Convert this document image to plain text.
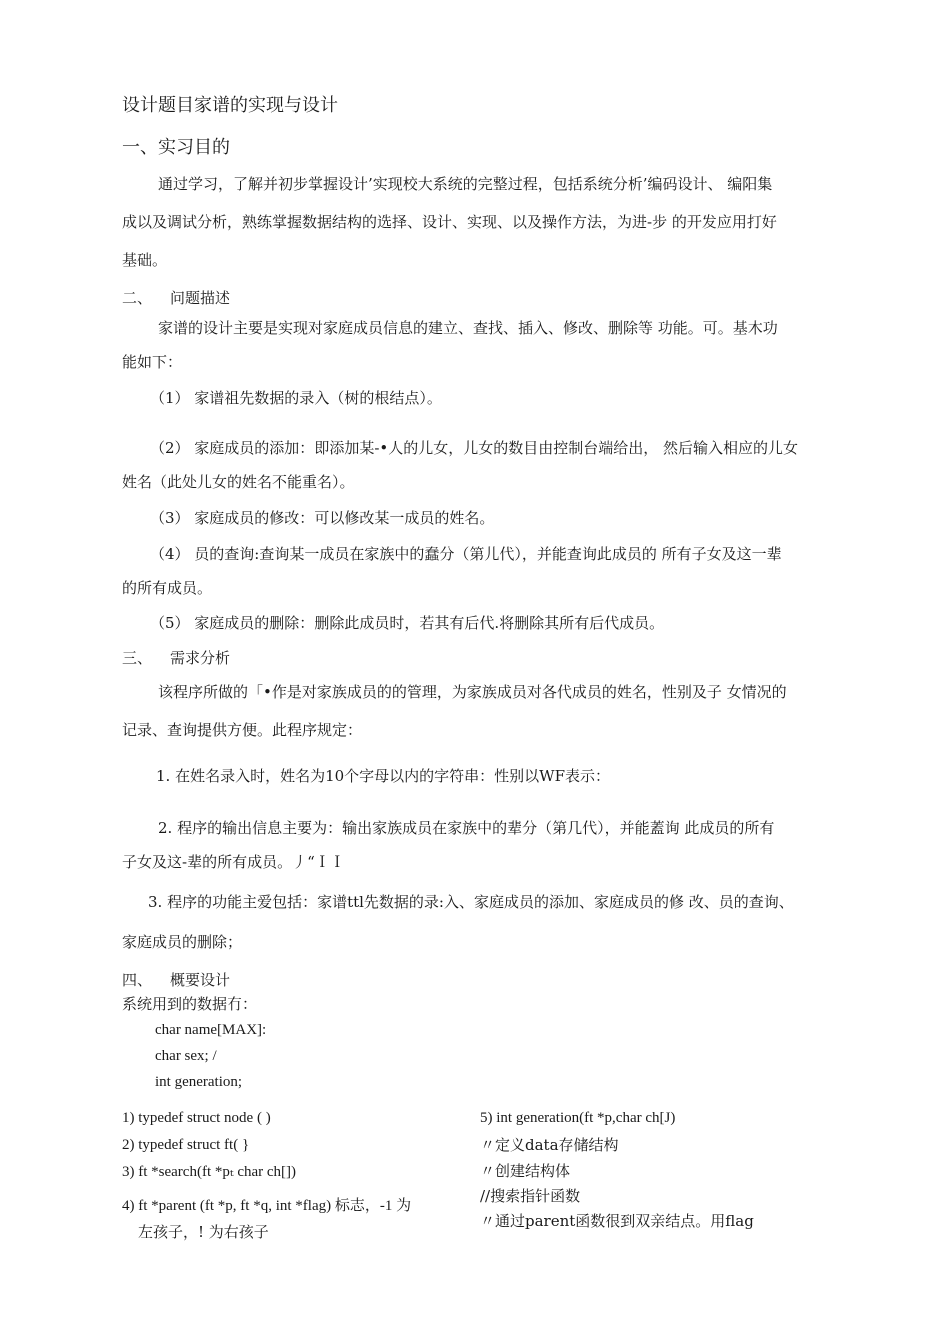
设计题目家谱的实现与设计
一、实习目的
通过学习，了解并初步掌握设计’实现校大系统的完整过程，包括系统分析’编码设计、 编阳集
成以及调试分析，熟练掌握数据结构的选择、设计、实现、以及操作方法，为进-步 的开发应用打好
基础。
二、 问题描述
家谱的设计主要是实现对家庭成员信息的建立、查找、插入、修改、删除等 功能。可。基木功
能如下：
（1） 家谱祖先数据的录入（树的根结点）。
（2） 家庭成员的添加：即添加某-•人的儿女，儿女的数目由控制台端给出， 然后输入相应的儿女
姓名（此处儿女的姓名不能重名）。
（3） 家庭成员的修改：可以修改某一成员的姓名。
（4） 员的查询:查询某一成员在家族中的蠢分（第儿代），并能查询此成员的 所有子女及这一辈
的所有成员。
（5） 家庭成员的删除：删除此成员时，若其有后代.将删除其所有后代成员。
三、 需求分析
该程序所做的「•作是对家族成员的的管理，为家族成员对各代成员的姓名，性别及子 女情况的
记录、查询提供方便。此程序规定：
1. 在姓名录入时，姓名为10个字母以内的字符串：性别以WF表示：
2. 程序的输出信息主要为：输出家族成员在家族中的辈分（第几代），并能蓋询 此成员的所有
子女及这-辈的所有成员。丿“ＩＩ
3. 程序的功能主爱包括：家谱ttl先数据的录:入、家庭成员的添加、家庭成员的修 改、员的查询、
家庭成员的删除；
四、 概要设计
系统用到的数据冇：
char name[MAX]:
char sex; /
int generation;
1) typedef struct node ( )
2) typedef struct ft( }
3) ft *search(ft *pₜ char ch[])
4) ft *parent (ft *p, ft *q, int *flag) 标志，-1 为
左孩子，! 为右孩子
5) int generation(ft *p,char ch[J)
〃定义data存储结构
〃创建结构体
//搜索指针函数
〃通过parent函数很到双亲结点。用flag
